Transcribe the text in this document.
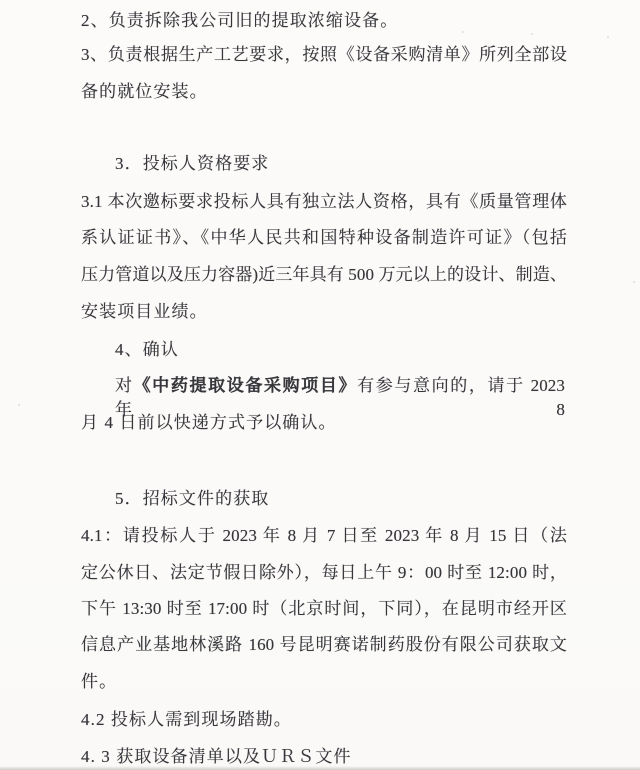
2、负责拆除我公司旧的提取浓缩设备。
3、负责根据生产工艺要求，按照《设备采购清单》所列全部设
备的就位安装。
3．投标人资格要求
3.1 本次邀标要求投标人具有独立法人资格，具有《质量管理体
系认证证书》、《中华人民共和国特种设备制造许可证》（包括
压力管道以及压力容器)近三年具有 500 万元以上的设计、制造、
安装项目业绩。
4、确认
对《中药提取设备采购项目》有参与意向的，请于 2023 年  8
月 4 日前以快递方式予以确认。
5．招标文件的获取
4.1：请投标人于 2023 年 8 月 7 日至 2023 年 8 月 15 日（法
定公休日、法定节假日除外），每日上午 9：00 时至 12:00 时，
下午 13:30 时至 17:00 时（北京时间，下同），在昆明市经开区
信息产业基地林溪路 160 号昆明赛诺制药股份有限公司获取文
件。
4.2 投标人需到现场踏勘。
4. 3 获取设备清单以及ＵＲＳ文件
